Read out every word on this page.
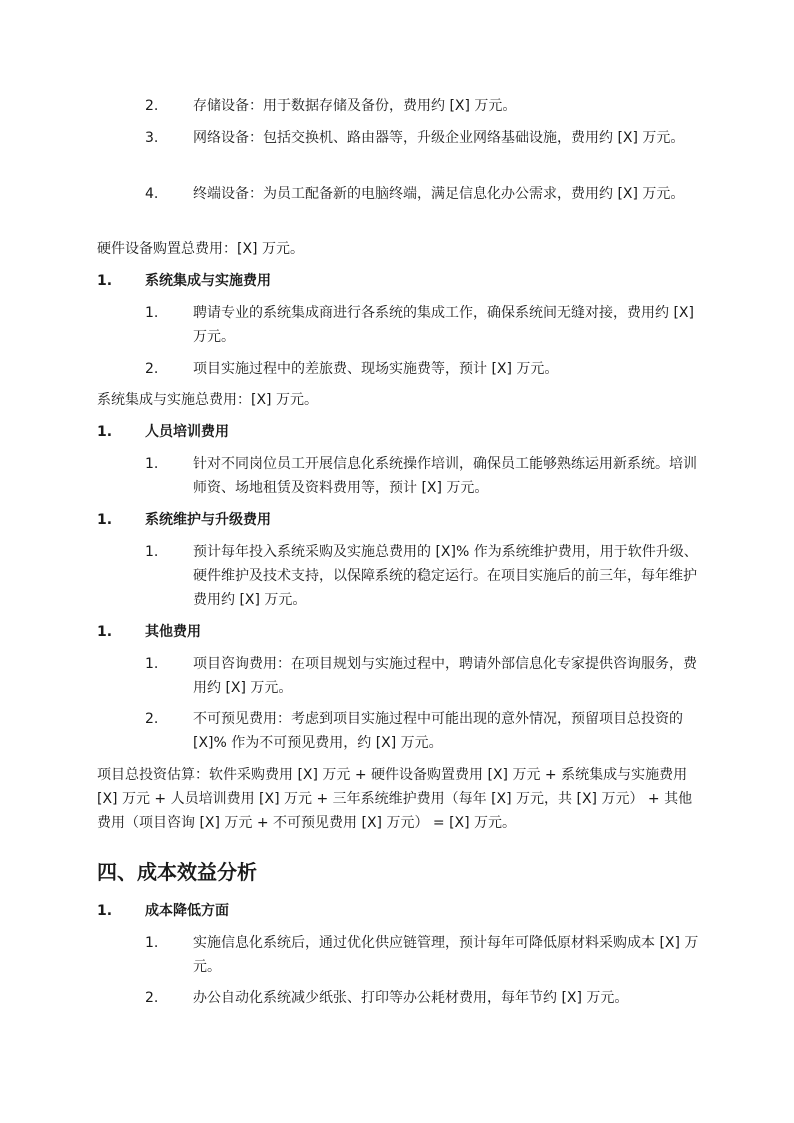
2. 存储设备：用于数据存储及备份，费用约 [X] 万元。
3. 网络设备：包括交换机、路由器等，升级企业网络基础设施，费用约 [X] 万元。
4. 终端设备：为员工配备新的电脑终端，满足信息化办公需求，费用约 [X] 万元。
硬件设备购置总费用：[X] 万元。
1. 系统集成与实施费用
1. 聘请专业的系统集成商进行各系统的集成工作，确保系统间无缝对接，费用约 [X] 万元。
2. 项目实施过程中的差旅费、现场实施费等，预计 [X] 万元。
系统集成与实施总费用：[X] 万元。
1. 人员培训费用
1. 针对不同岗位员工开展信息化系统操作培训，确保员工能够熟练运用新系统。培训师资、场地租赁及资料费用等，预计 [X] 万元。
1. 系统维护与升级费用
1. 预计每年投入系统采购及实施总费用的 [X]% 作为系统维护费用，用于软件升级、硬件维护及技术支持，以保障系统的稳定运行。在项目实施后的前三年，每年维护费用约 [X] 万元。
1. 其他费用
1. 项目咨询费用：在项目规划与实施过程中，聘请外部信息化专家提供咨询服务，费用约 [X] 万元。
2. 不可预见费用：考虑到项目实施过程中可能出现的意外情况，预留项目总投资的 [X]% 作为不可预见费用，约 [X] 万元。
项目总投资估算：软件采购费用 [X] 万元 + 硬件设备购置费用 [X] 万元 + 系统集成与实施费用 [X] 万元 + 人员培训费用 [X] 万元 + 三年系统维护费用（每年 [X] 万元，共 [X] 万元） + 其他费用（项目咨询 [X] 万元 + 不可预见费用 [X] 万元） = [X] 万元。
四、成本效益分析
1. 成本降低方面
1. 实施信息化系统后，通过优化供应链管理，预计每年可降低原材料采购成本 [X] 万元。
2. 办公自动化系统减少纸张、打印等办公耗材费用，每年节约 [X] 万元。
